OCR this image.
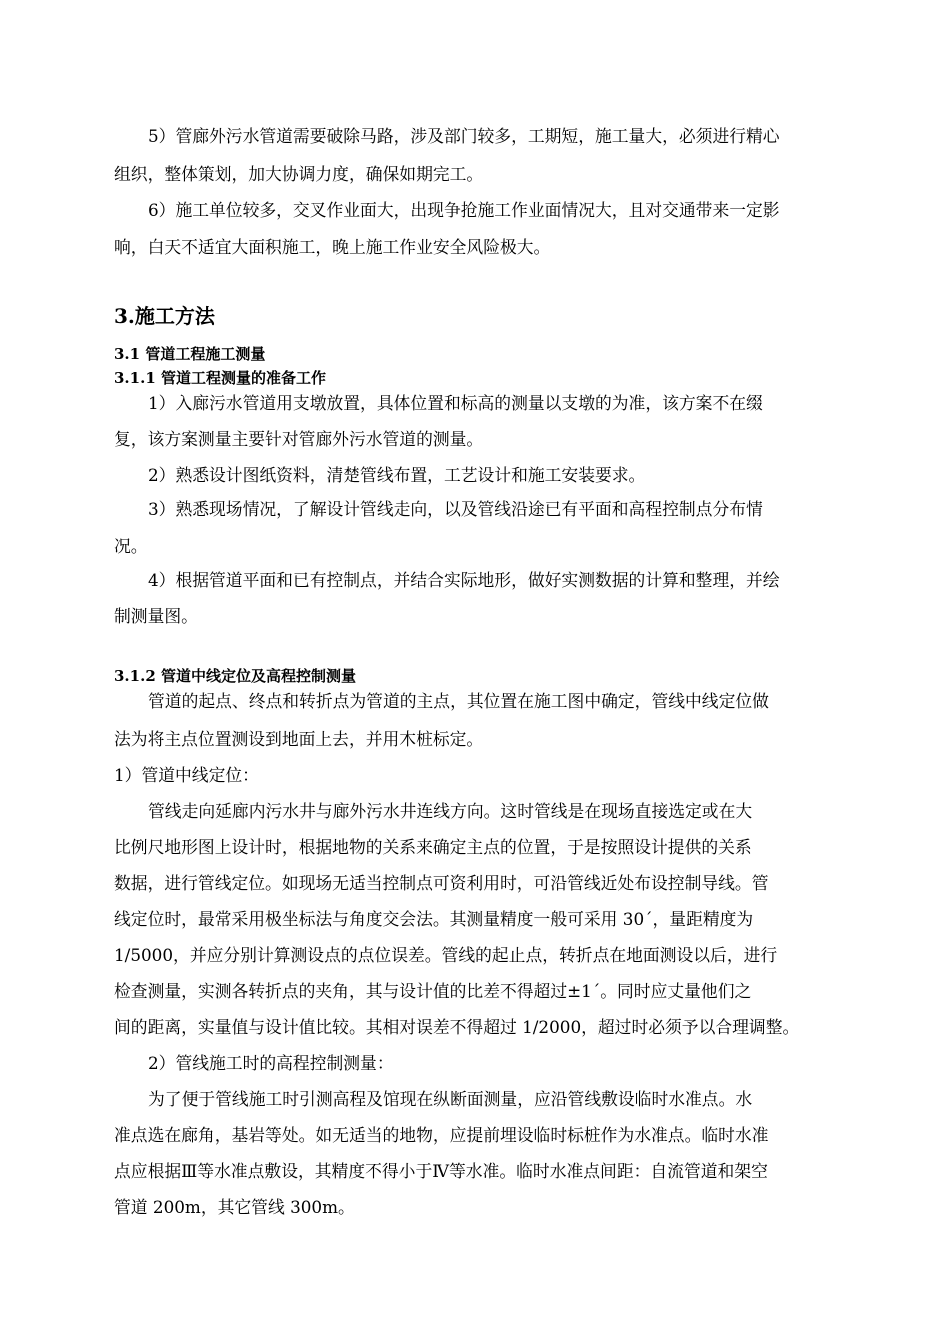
5）管廊外污水管道需要破除马路，涉及部门较多，工期短，施工量大，必须进行精心

组织，整体策划，加大协调力度，确保如期完工。

6）施工单位较多，交叉作业面大，出现争抢施工作业面情况大，且对交通带来一定影

响，白天不适宜大面积施工，晚上施工作业安全风险极大。

3.施工方法
3.1 管道工程施工测量
3.1.1 管道工程测量的准备工作

1）入廊污水管道用支墩放置，具体位置和标高的测量以支墩的为准，该方案不在缀

复，该方案测量主要针对管廊外污水管道的测量。

2）熟悉设计图纸资料，清楚管线布置，工艺设计和施工安装要求。

3）熟悉现场情况，了解设计管线走向，以及管线沿途已有平面和高程控制点分布情

况。

4）根据管道平面和已有控制点，并结合实际地形，做好实测数据的计算和整理，并绘

制测量图。

3.1.2 管道中线定位及高程控制测量

管道的起点、终点和转折点为管道的主点，其位置在施工图中确定，管线中线定位做

法为将主点位置测设到地面上去，并用木桩标定。

1）管道中线定位：

管线走向延廊内污水井与廊外污水井连线方向。这时管线是在现场直接选定或在大

比例尺地形图上设计时，根据地物的关系来确定主点的位置，于是按照设计提供的关系

数据，进行管线定位。如现场无适当控制点可资利用时，可沿管线近处布设控制导线。管

线定位时，最常采用极坐标法与角度交会法。其测量精度一般可采用 30´，量距精度为

1/5000，并应分别计算测设点的点位误差。管线的起止点，转折点在地面测设以后，进行

检查测量，实测各转折点的夹角，其与设计值的比差不得超过±1´。同时应丈量他们之

间的距离，实量值与设计值比较。其相对误差不得超过 1/2000，超过时必须予以合理调整。

2）管线施工时的高程控制测量：

为了便于管线施工时引测高程及馆现在纵断面测量，应沿管线敷设临时水准点。水

准点选在廊角，基岩等处。如无适当的地物，应提前埋设临时标桩作为水准点。临时水准

点应根据Ⅲ等水准点敷设，其精度不得小于Ⅳ等水准。临时水准点间距：自流管道和架空

管道 200m，其它管线 300m。
